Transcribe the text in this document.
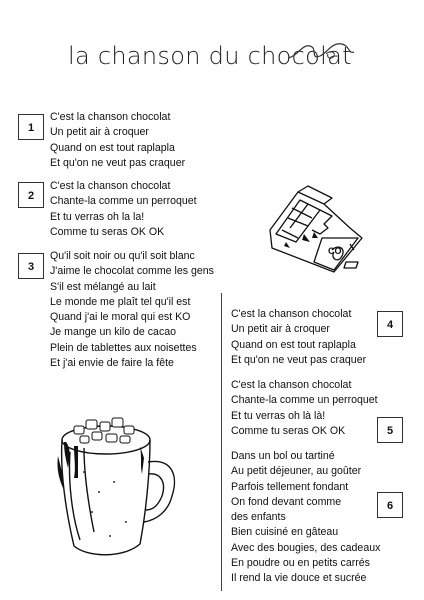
la chanson du chocolat
1
C'est la chanson chocolat
Un petit air à croquer
Quand on est tout raplapla
Et qu'on ne veut pas craquer
2
C'est la chanson chocolat
Chante-la comme un perroquet
Et tu verras oh la la!
Comme tu seras OK OK
3
Qu'il soit noir ou qu'il soit blanc
J'aime le chocolat comme les gens
S'il est mélangé au lait
Le monde me plaît tel qu'il est
Quand j'ai le moral qui est KO
Je mange un kilo de cacao
Plein de tablettes aux noisettes
Et j'ai envie de faire la fête
C'est la chanson chocolat
Un petit air à croquer
Quand on est tout raplapla
Et qu'on ne veut pas craquer
4
C'est la chanson chocolat
Chante-la comme un perroquet
Et tu verras oh là là!
Comme tu seras OK OK	5
Dans un bol ou tartiné
Au petit déjeuner, au goûter
Parfois tellement fondant
On fond devant comme
des enfants
Bien cuisiné en gâteau
Avec des bougies, des cadeaux
En poudre ou en petits carrés
Il rend la vie douce et sucrée
6
CO
